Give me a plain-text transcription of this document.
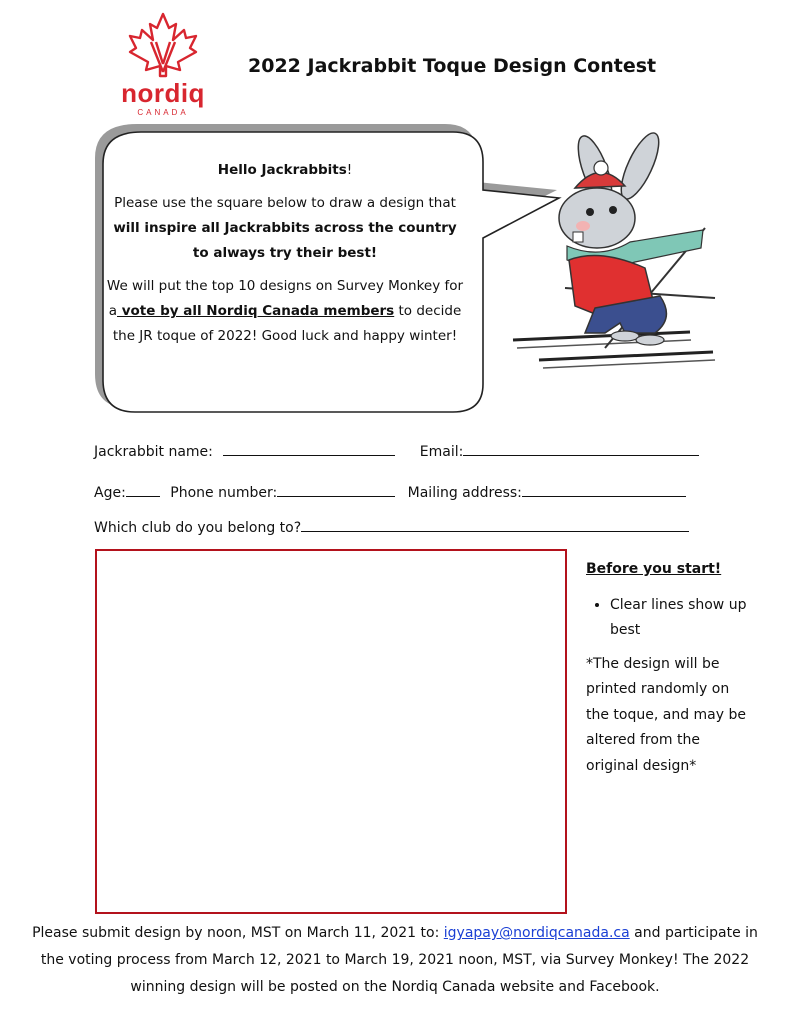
nordiq
CANADA
2022 Jackrabbit Toque Design Contest

Hello Jackrabbits!

Please use the square below to draw a design that will inspire all Jackrabbits across the country to always try their best!

We will put the top 10 designs on Survey Monkey for a vote by all Nordiq Canada members to decide the JR toque of 2022! Good luck and happy winter!

Jackrabbit name:	Email:
Age:	Phone number:	Mailing address:
Which club do you belong to?
Before you start!
• Clear lines show up best

*The design will be printed randomly on the toque, and may be altered from the original design*

Please submit design by noon, MST on March 11, 2021 to: igyapay@nordiqcanada.ca and participate in the voting process from March 12, 2021 to March 19, 2021 noon, MST, via Survey Monkey! The 2022 winning design will be posted on the Nordiq Canada website and Facebook.
